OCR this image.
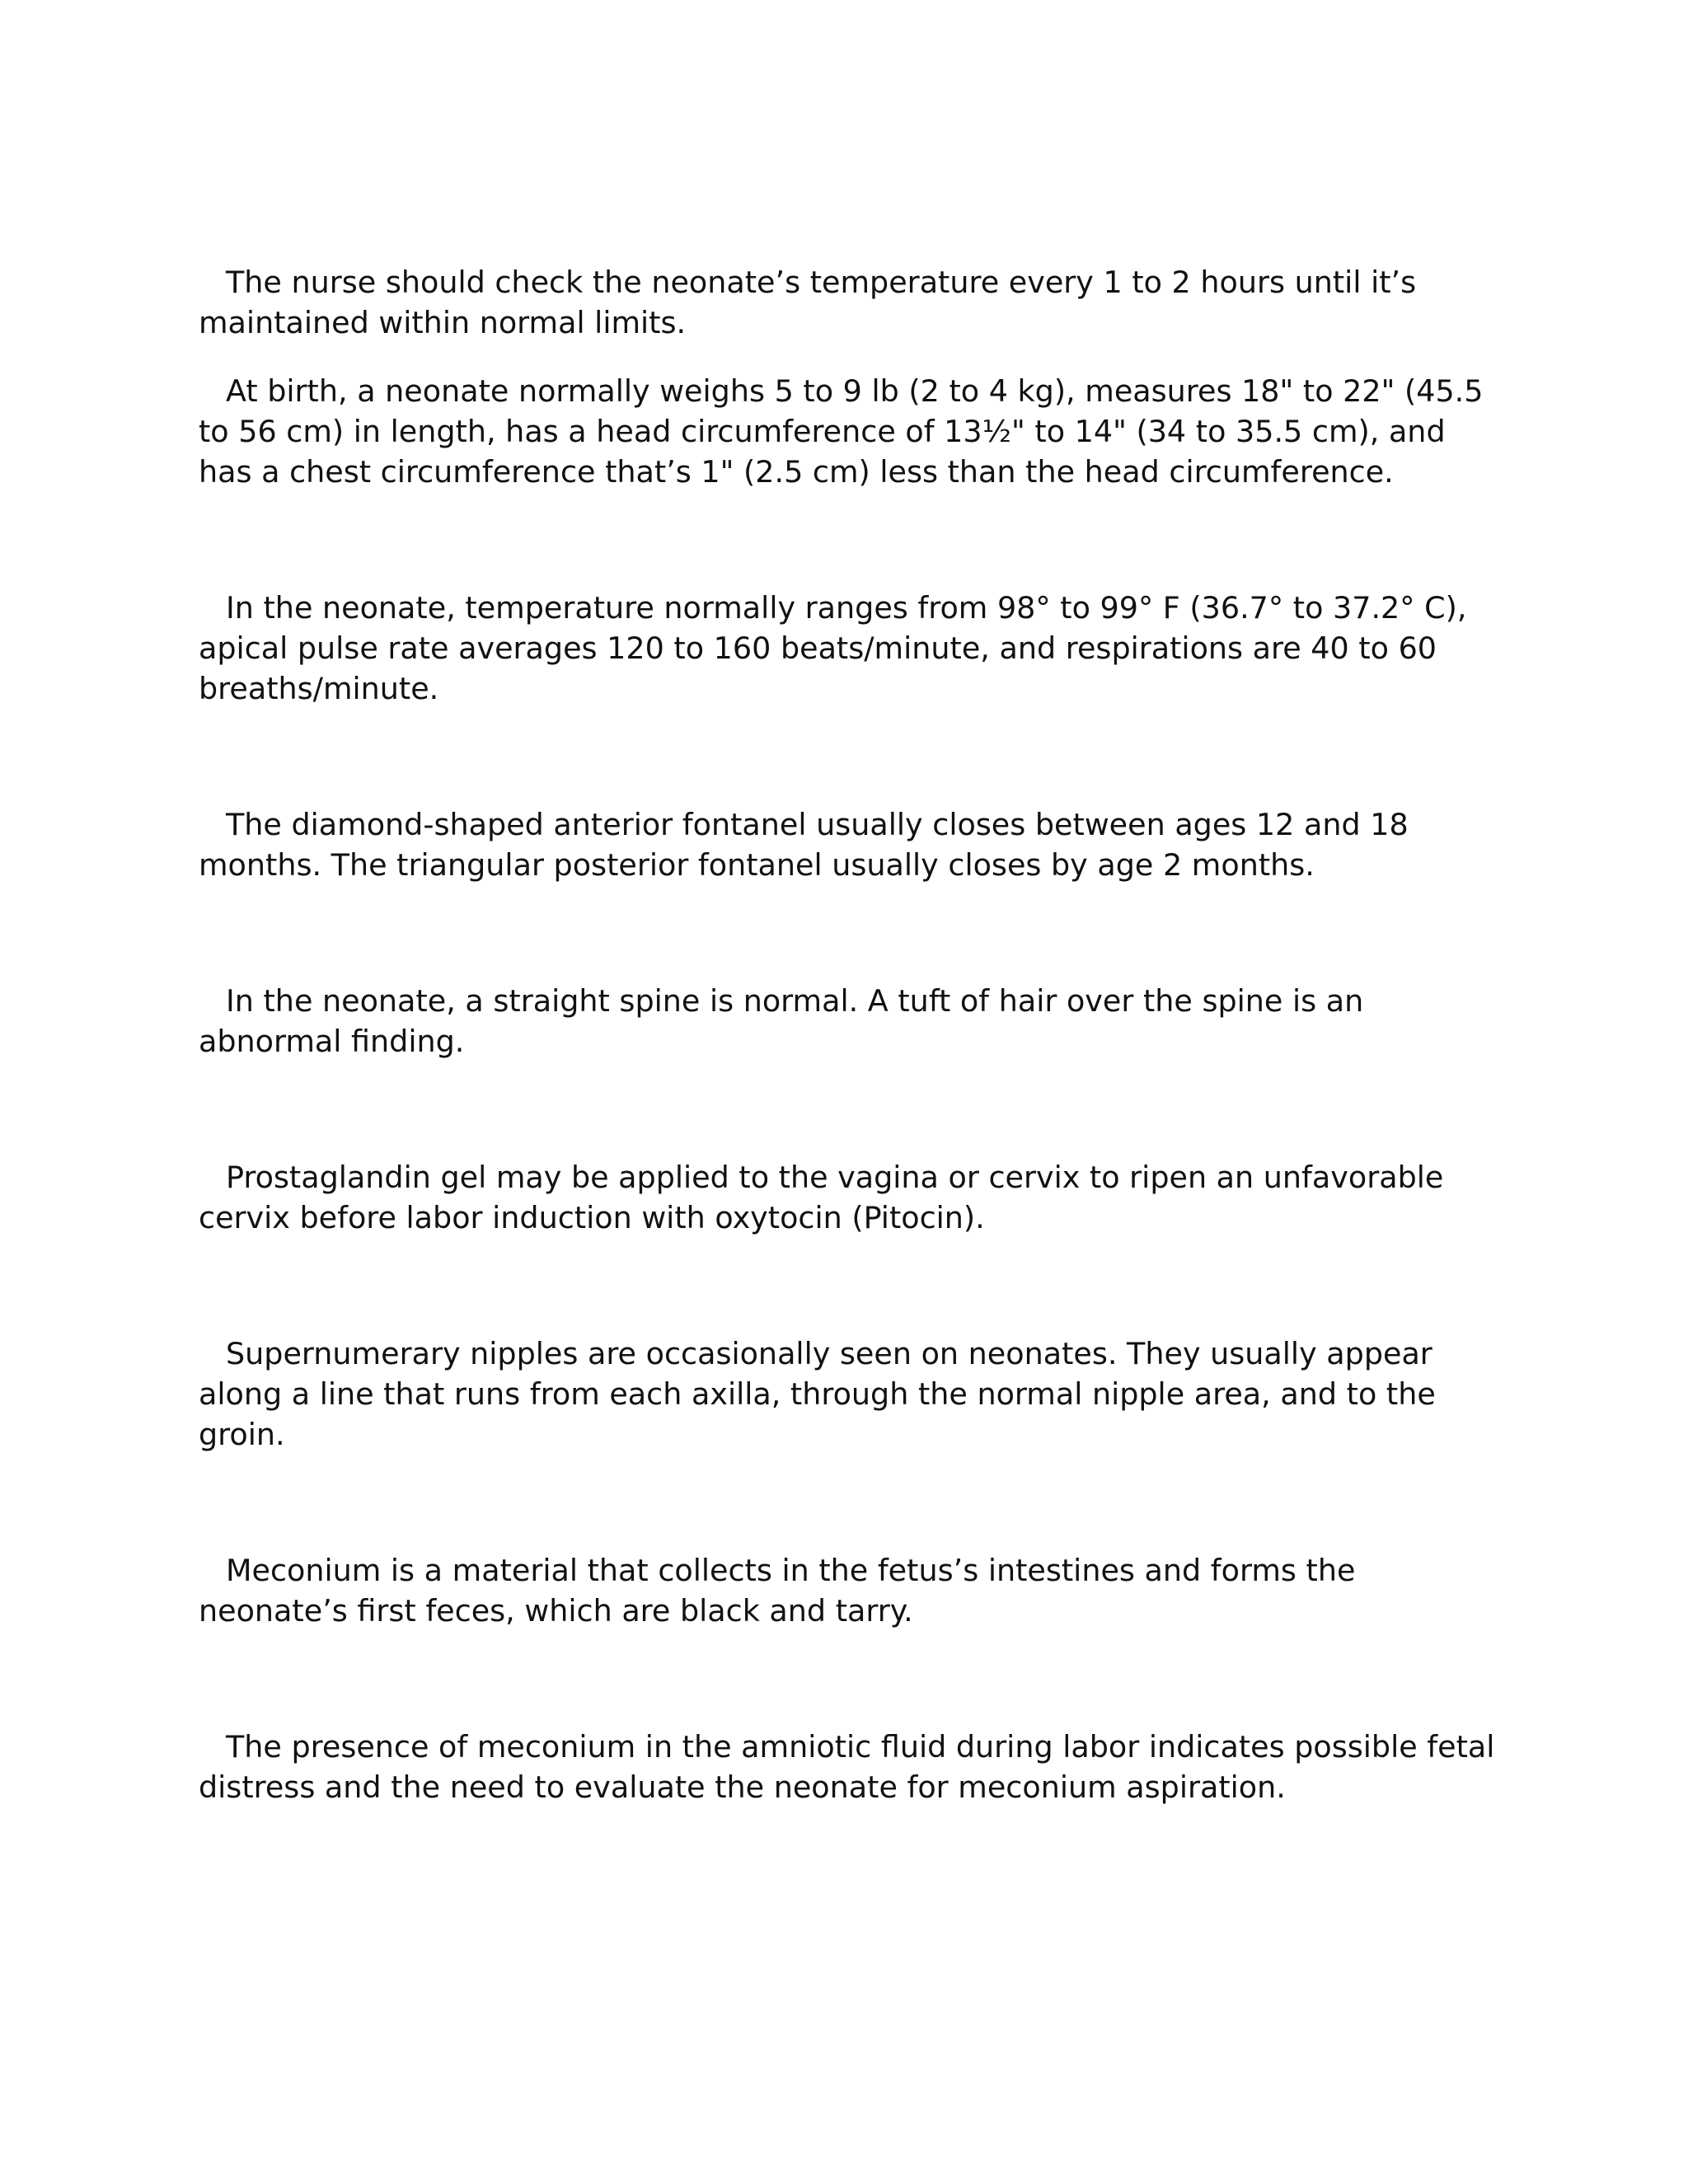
The nurse should check the neonate’s temperature every 1 to 2 hours until it’s maintained within normal limits.

At birth, a neonate normally weighs 5 to 9 lb (2 to 4 kg), measures 18" to 22" (45.5 to 56 cm) in length, has a head circumference of 13½" to 14" (34 to 35.5 cm), and has a chest circumference that’s 1" (2.5 cm) less than the head circumference.

In the neonate, temperature normally ranges from 98° to 99° F (36.7° to 37.2° C), apical pulse rate averages 120 to 160 beats/minute, and respirations are 40 to 60 breaths/minute.

The diamond-shaped anterior fontanel usually closes between ages 12 and 18 months. The triangular posterior fontanel usually closes by age 2 months.

In the neonate, a straight spine is normal. A tuft of hair over the spine is an abnormal finding.

Prostaglandin gel may be applied to the vagina or cervix to ripen an unfavorable cervix before labor induction with oxytocin (Pitocin).

Supernumerary nipples are occasionally seen on neonates. They usually appear along a line that runs from each axilla, through the normal nipple area, and to the groin.

Meconium is a material that collects in the fetus’s intestines and forms the neonate’s first feces, which are black and tarry.

The presence of meconium in the amniotic fluid during labor indicates possible fetal distress and the need to evaluate the neonate for meconium aspiration.
